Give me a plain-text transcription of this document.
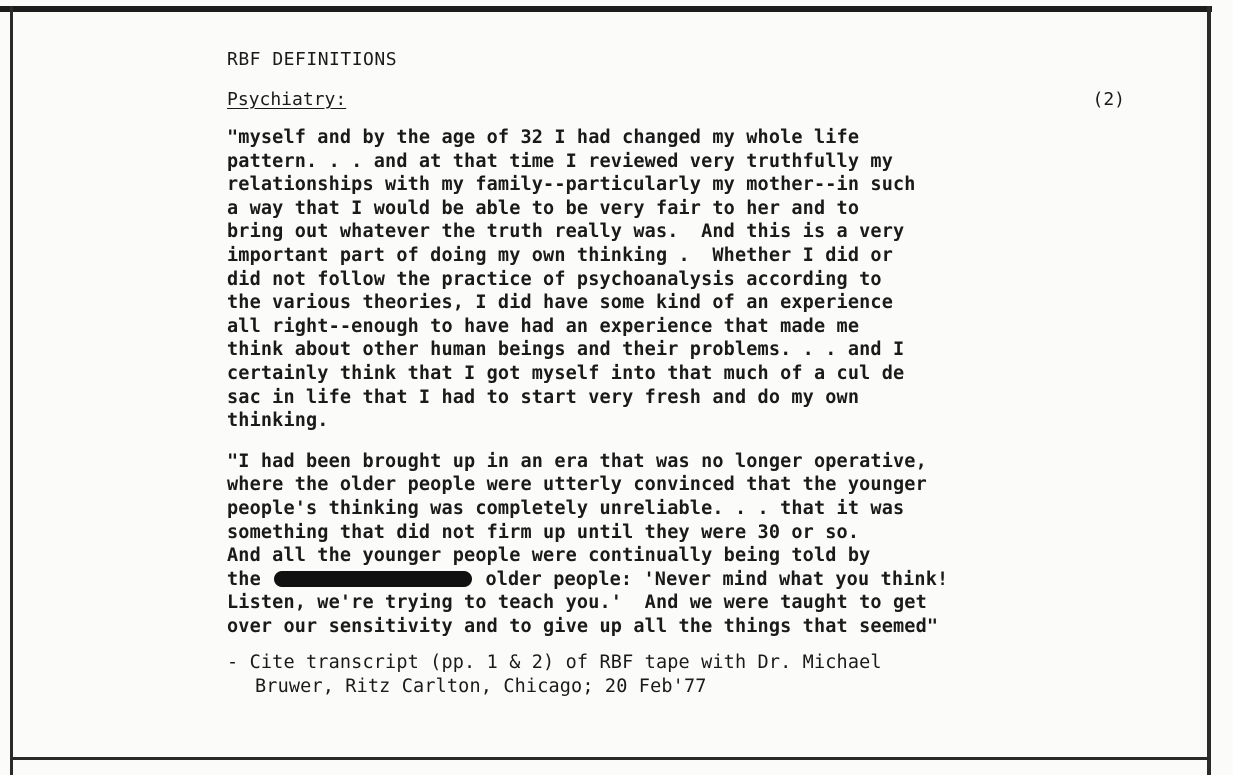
RBF DEFINITIONS
Psychiatry:	(2)
"myself and by the age of 32 I had changed my whole life
pattern. . . and at that time I reviewed very truthfully my
relationships with my family--particularly my mother--in such
a way that I would be able to be very fair to her and to
bring out whatever the truth really was.  And this is a very
important part of doing my own thinking .  Whether I did or
did not follow the practice of psychoanalysis according to
the various theories, I did have some kind of an experience
all right--enough to have had an experience that made me
think about other human beings and their problems. . . and I
certainly think that I got myself into that much of a cul de
sac in life that I had to start very fresh and do my own
thinking.
"I had been brought up in an era that was no longer operative,
where the older people were utterly convinced that the younger
people's thinking was completely unreliable. . . that it was
something that did not firm up until they were 30 or so.
And all the younger people were continually being told by
the	older people: 'Never mind what you think!
Listen, we're trying to teach you.'  And we were taught to get
over our sensitivity and to give up all the things that seemed"
- Cite transcript (pp. 1 & 2) of RBF tape with Dr. Michael
Bruwer, Ritz Carlton, Chicago; 20 Feb'77
